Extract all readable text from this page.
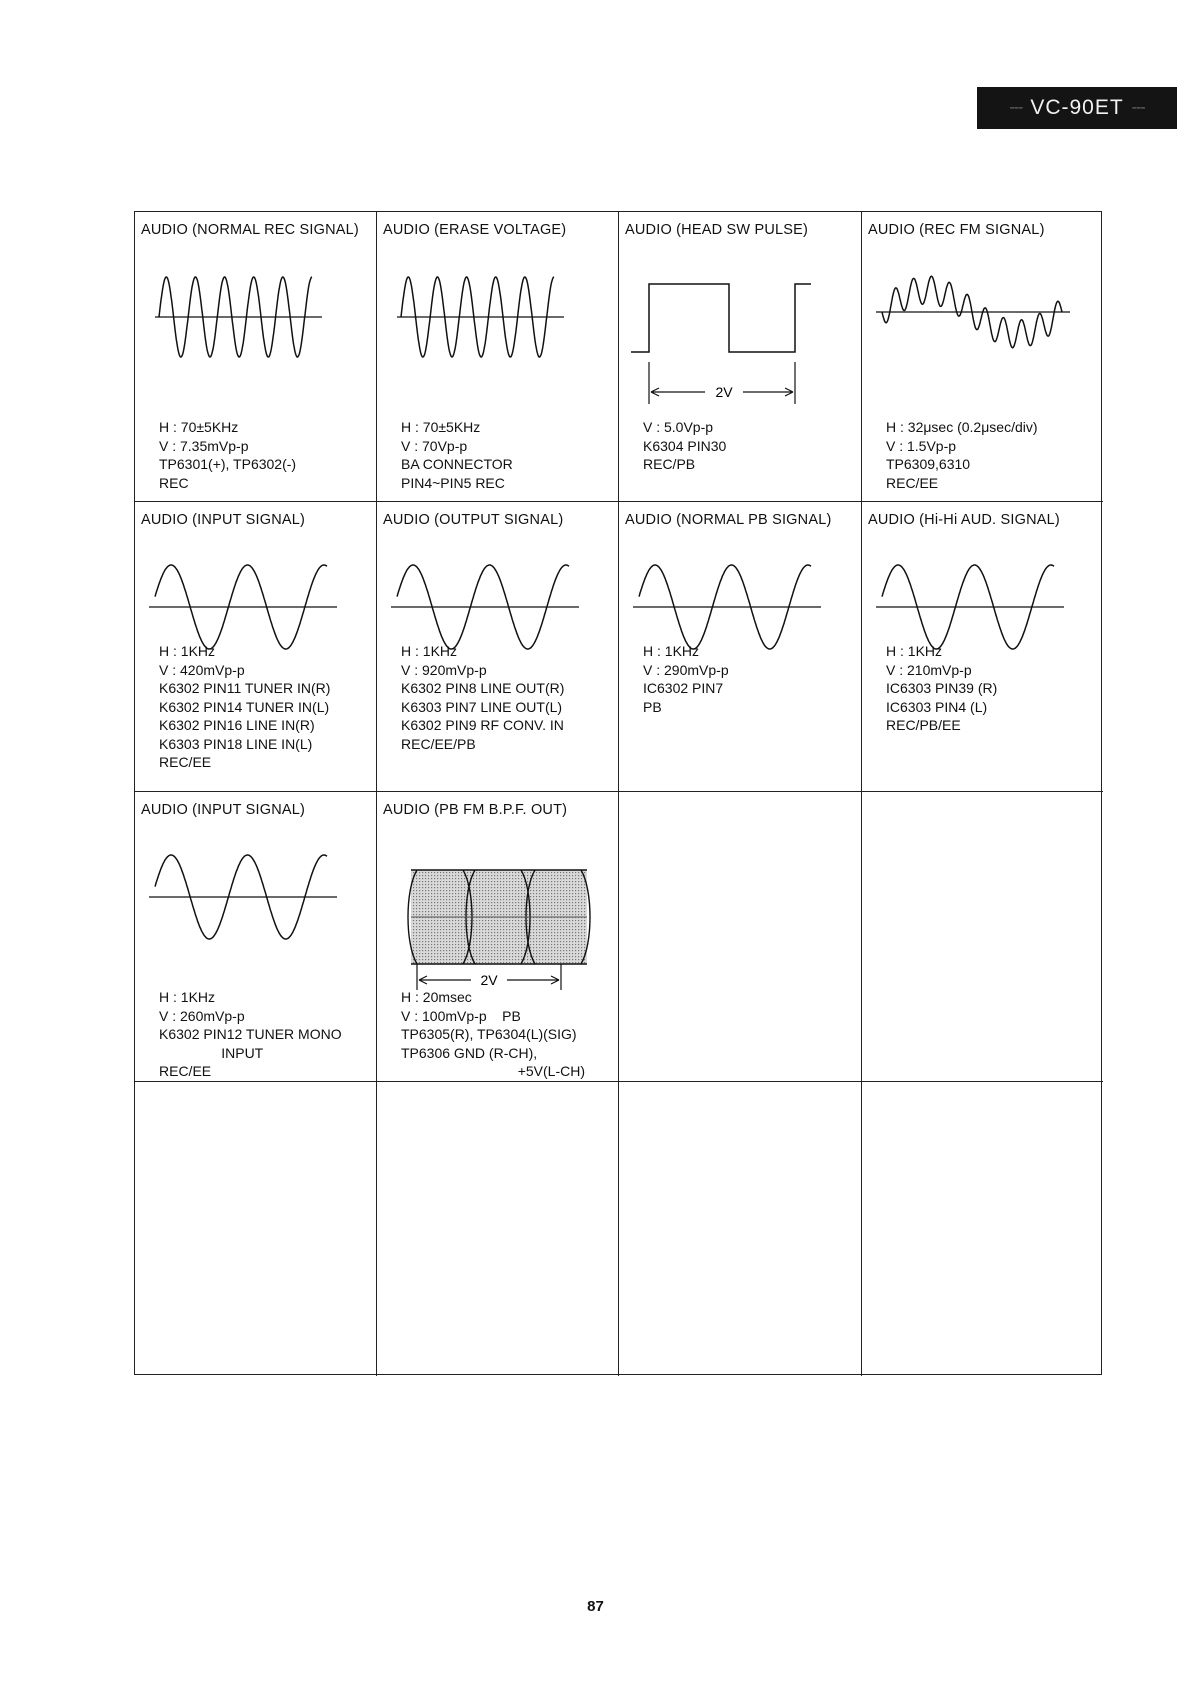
--- VC-90ET ---
AUDIO (NORMAL REC SIGNAL)
H : 70±5KHz
V : 7.35mVp-p
TP6301(+), TP6302(-)
REC
AUDIO (ERASE VOLTAGE)
H : 70±5KHz
V : 70Vp-p
BA CONNECTOR
PIN4~PIN5 REC
AUDIO (HEAD SW PULSE)
2V
V : 5.0Vp-p
K6304 PIN30
REC/PB
AUDIO (REC FM SIGNAL)
H : 32μsec (0.2μsec/div)
V : 1.5Vp-p
TP6309,6310
REC/EE
AUDIO (INPUT SIGNAL)
H : 1KHz
V : 420mVp-p
K6302 PIN11 TUNER IN(R)
K6302 PIN14 TUNER IN(L)
K6302 PIN16 LINE IN(R)
K6303 PIN18 LINE IN(L)
REC/EE
AUDIO (OUTPUT SIGNAL)
H : 1KHz
V : 920mVp-p
K6302 PIN8 LINE OUT(R)
K6303 PIN7 LINE OUT(L)
K6302 PIN9 RF CONV. IN
REC/EE/PB
AUDIO (NORMAL PB SIGNAL)
H : 1KHz
V : 290mVp-p
IC6302 PIN7
PB
AUDIO (Hi-Hi AUD. SIGNAL)
H : 1KHz
V : 210mVp-p
IC6303 PIN39 (R)
IC6303 PIN4 (L)
REC/PB/EE
AUDIO (INPUT SIGNAL)
H : 1KHz
V : 260mVp-p
K6302 PIN12 TUNER MONO
INPUT
REC/EE
AUDIO (PB FM B.P.F. OUT)
2V
H : 20msec
V : 100mVp-p    PB
TP6305(R), TP6304(L)(SIG)
TP6306 GND (R-CH),
+5V(L-CH)
87
